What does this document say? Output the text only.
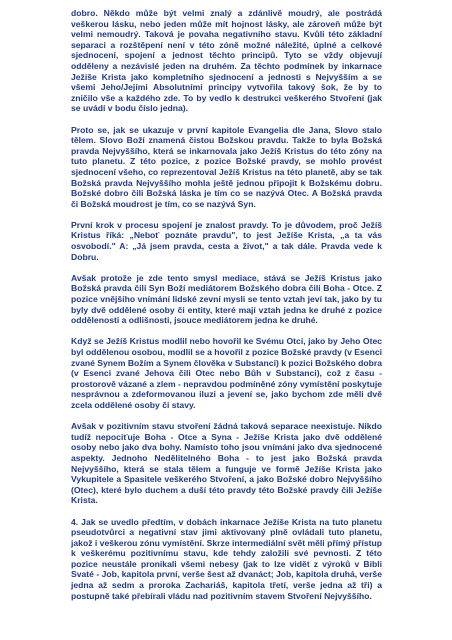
dobro. Někdo může být velmi znalý a zdánlivě moudrý, ale postrádá veškerou lásku, nebo jeden může mít hojnost lásky, ale zároveň může být velmi nemoudrý. Taková je povaha negativního stavu. Kvůli této základní separaci a rozštěpení není v této zóně možné náležité, úplné a celkové sjednocení, spojení a jednost těchto principů. Tyto se vždy objevují odděleny a nezávislé jeden na druhém. Za těchto podmínek by inkarnace Ježíše Krista jako kompletního sjednocení a jednosti s Nejvyšším a se všemi Jeho/Jejími Absolutními principy vytvořila takový šok, že by to zničilo vše a každého zde. To by vedlo k destrukci veškerého Stvoření (jak se uvádí v bodu číslo jedna).

Proto se, jak se ukazuje v první kapitole Evangelia dle Jana, Slovo stalo tělem. Slovo Boží znamená čistou Božskou pravdu. Takže to byla Božská pravda Nejvyššího, která se inkarnovala jako Ježíš Kristus do této zóny na tuto planetu. Z této pozice, z pozice Božské pravdy, se mohlo provést sjednocení všeho, co reprezentoval Ježíš Kristus na této planetě, aby se tak Božská pravda Nejvyššího mohla ještě jednou připojit k Božskému dobru. Božské dobro čili Božská láska je tím co se nazývá Otec. A Božská pravda či Božská moudrost je tím, co se nazývá Syn.

První krok v procesu spojení je znalost pravdy. To je důvodem, proč Ježíš Kristus říká: „Neboť poznáte pravdu", to jest Ježíše Krista, „a ta vás osvobodí." A: „Já jsem pravda, cesta a život," a tak dále. Pravda vede k Dobru.

Avšak protože je zde tento smysl mediace, stává se Ježíš Kristus jako Božská pravda čili Syn Boží mediátorem Božského dobra čili Boha - Otce. Z pozice vnějšího vnímání lidské zevní mysli se tento vztah jeví tak, jako by tu byly dvě oddělené osoby či entity, které mají vztah jedna ke druhé z pozice oddělenosti a odlišnosti, jsouce mediátorem jedna ke druhé.

Když se Ježíš Kristus modlil nebo hovořil ke Svému Otci, jako by Jeho Otec byl oddělenou osobou, modlil se a hovořil z pozice Božské pravdy (v Esenci zvané Synem Božím a Synem člověka v Substanci) k pozici Božského dobra (v Esenci zvané Jehova čili Otec nebo Bůh v Substanci), což z času - prostorově vázané a zlem - nepravdou podmíněné zóny vymístění poskytuje nesprávnou a zdeformovanou iluzi a jevení se, jako bychom zde měli dvě zcela oddělené osoby či stavy.

Avšak v pozitivním stavu stvoření žádná taková separace neexistuje. Nikdo tudíž nepociťuje Boha - Otce a Syna - Ježíše Krista jako dvě oddělené osoby nebo jako dva bohy. Namísto toho jsou vnímáni jako dva sjednocené aspekty. Jednoho Nedělitelného Boha - to jest jako Božská pravda Nejvyššího, která se stala tělem a funguje ve formě Ježíše Krista jako Vykupitele a Spasitele veškerého Stvoření, a jako Božské dobro Nejvyššího (Otec), které bylo duchem a duší této pravdy této Božské pravdy čili Ježíše Krista.

4. Jak se uvedlo předtím, v dobách inkarnace Ježíše Krista na tuto planetu pseudotvůrci a negativní stav jimi aktivovaný plně ovládali tuto planetu, jakož i veškerou zónu vymístění. Skrze intermediální svět měli přímý přístup k veškerému pozitivnímu stavu, kde tehdy založili své pevnosti. Z této pozice neustále pronikali všemi nebesy (jak to lze vidět z výroků v Bibli Svaté - Job, kapitola první, verše šest až dvanáct; Job, kapitola druhá, verše jedna až sedm a proroka Zachariáš, kapitola třetí, verše jedna až tři) a postupně také přebírali vládu nad pozitivním stavem Stvoření Nejvyššího.
